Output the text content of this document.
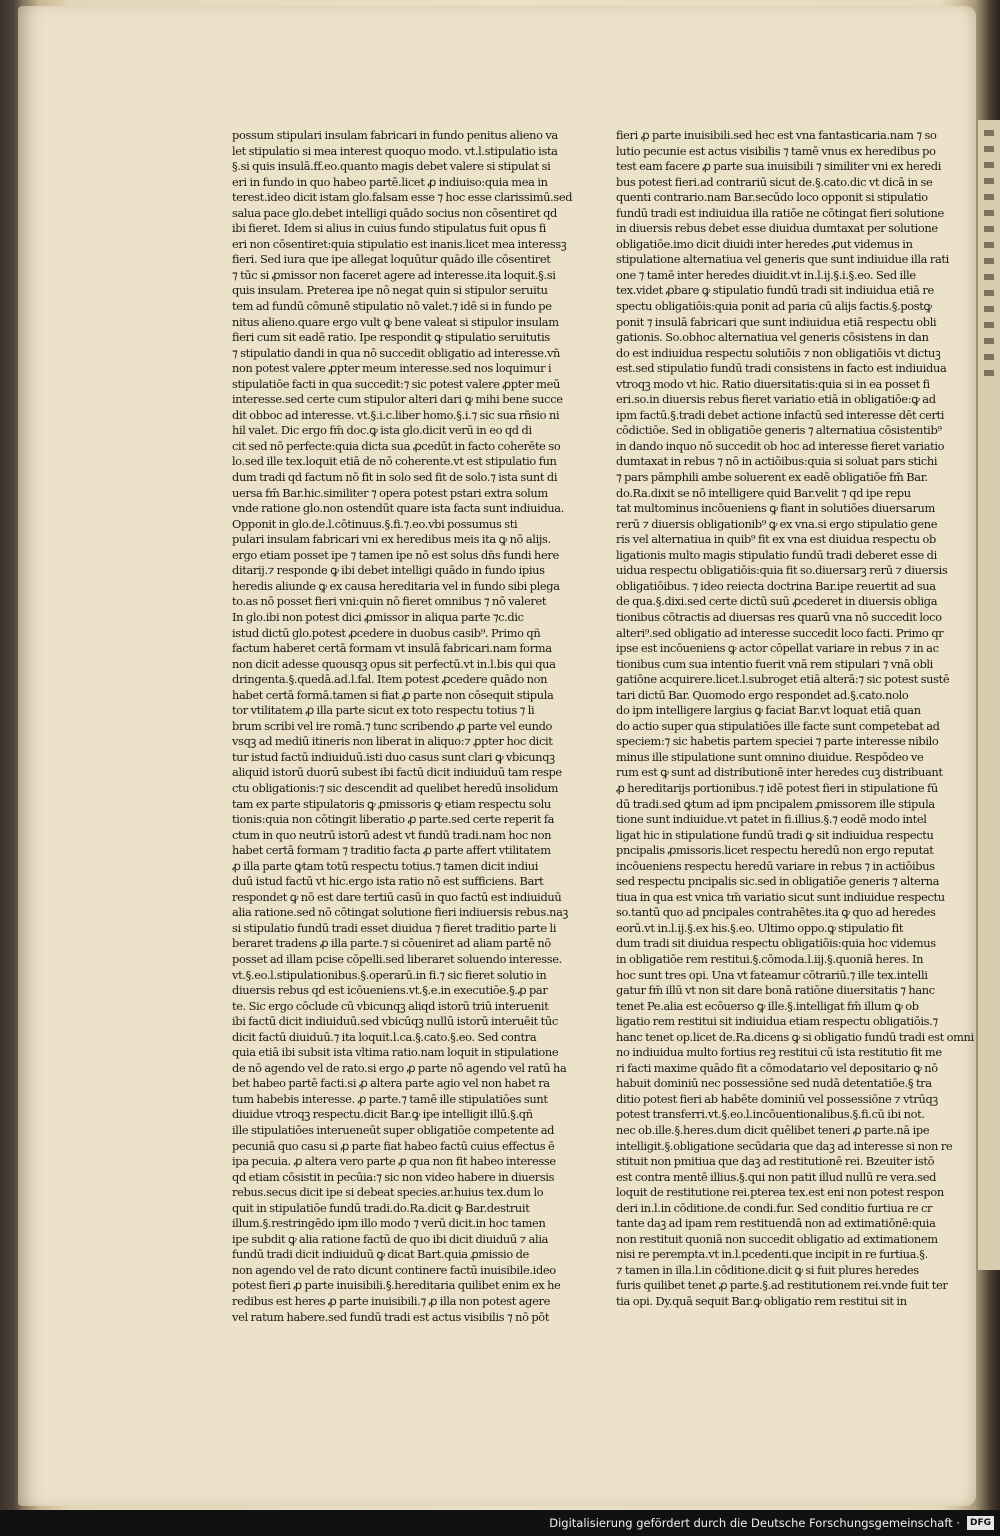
possum stipulari insulam fabricari in fundo penitus alieno va
let stipulatio si mea interest quoquo modo. vt.l.stipulatio ista
§.si quis insulā.ff.eo.quanto magis debet valere si stipulat si
eri in fundo in quo habeo partē.licet ꝓ indiuiso:quia mea in
terest.ideo dicit istam glo.falsam esse ⁊ hoc esse clarissimū.sed
salua pace glo.debet intelligi quādo socius non cōsentiret qd
ibi fieret. Idem si alius in cuius fundo stipulatus fuit opus fi
eri non cōsentiret:quia stipulatio est inanis.licet mea interessꝫ
fieri. Sed iura que ipe allegat loquūtur quādo ille cōsentiret
⁊ tūc si ꝓmissor non faceret agere ad interesse.ita loquit.§.si
quis insulam. Preterea ipe nō negat quin si stipulor seruitu
tem ad fundū cōmunē stipulatio nō valet.⁊ idē si in fundo pe
nitus alieno.quare ergo vult ꝙ bene valeat si stipulor insulam
fieri cum sit eadē ratio. Ipe respondit ꝙ stipulatio seruitutis
⁊ stipulatio dandi in qua nō succedit obligatio ad interesse.vn̄
non potest valere ꝓpter meum interesse.sed nos loquimur i
stipulatiōe facti in qua succedit:⁊ sic potest valere ꝓpter meū
interesse.sed certe cum stipulor alteri dari ꝙ mihi bene succe
dit obboc ad interesse. vt.§.i.c.liber homo.§.i.⁊ sic sua rn̄sio ni
hil valet. Dic ergo fm̄ doc.ꝙ ista glo.dicit verū in eo qd di
cit sed nō perfecte:quia dicta sua ꝓcedūt in facto coherēte so
lo.sed ille tex.loquit etiā de nō coherente.vt est stipulatio fun
dum tradi qd factum nō fit in solo sed fit de solo.⁊ ista sunt di
uersa fm̄ Bar.hic.similiter ⁊ opera potest pstari extra solum
vnde ratione glo.non ostendūt quare ista facta sunt indiuidua.
Opponit in glo.de.l.cōtinuus.§.fi.⁊.eo.vbi possumus sti
pulari insulam fabricari vni ex heredibus meis ita ꝙ nō alijs.
ergo etiam posset ipe ⁊ tamen ipe nō est solus dn̄s fundi here
ditarij.⁊ responde ꝙ ibi debet intelligi quādo in fundo ipius
heredis aliunde ꝙ ex causa hereditaria vel in fundo sibi plega
to.as nō posset fieri vni:quin nō fieret omnibus ⁊ nō valeret
In glo.ibi non potest dici ꝓmissor in aliqua parte ⁊c.dic
istud dictū glo.potest ꝓcedere in duobus casib⁹. Primo qñ
factum haberet certā formam vt insulā fabricari.nam forma
non dicit adesse quousqꝫ opus sit perfectū.vt in.l.bis qui qua
dringenta.§.quedā.ad.l.fal. Item potest ꝓcedere quādo non
habet certā formā.tamen si fiat ꝓ parte non cōsequit stipula
tor vtilitatem ꝓ illa parte sicut ex toto respectu totius ⁊ li
brum scribi vel ire romā.⁊ tunc scribendo ꝓ parte vel eundo
vsqꝫ ad mediū itineris non liberat in aliquo:⁊ ꝓpter hoc dicit
tur istud factū indiuiduū.isti duo casus sunt clari ꝙ vbicunqꝫ
aliquid istorū duorū subest ibi factū dicit indiuiduū tam respe
ctu obligationis:⁊ sic descendit ad quelibet heredū insolidum
tam ex parte stipulatoris ꝙ ꝓmissoris ꝙ etiam respectu solu
tionis:quia non cōtingit liberatio ꝓ parte.sed certe reperit fa
ctum in quo neutrū istorū adest vt fundū tradi.nam hoc non
habet certā formam ⁊ traditio facta ꝓ parte affert vtilitatem
ꝓ illa parte ꝙtam totū respectu totius.⁊ tamen dicit indiui
duū istud factū vt hic.ergo ista ratio nō est sufficiens. Bart
respondet ꝙ nō est dare tertiū casū in quo factū est indiuiduū
alia ratione.sed nō cōtingat solutione fieri indiuersis rebus.naꝫ
si stipulatio fundū tradi esset diuidua ⁊ fieret traditio parte li
beraret tradens ꝓ illa parte.⁊ si cōueniret ad aliam partē nō
posset ad illam pcise cōpelli.sed liberaret soluendo interesse.
vt.§.eo.l.stipulationibus.§.operarū.in fi.⁊ sic fieret solutio in
diuersis rebus qd est icōueniens.vt.§.e.in executiōe.§.ꝓ par
te. Sic ergo cōclude cū vbicunqꝫ aliqd istorū triū interuenit
ibi factū dicit indiuiduū.sed vbicūqꝫ nullū istorū interuēit tūc
dicit factū diuiduū.⁊ ita loquit.l.ca.§.cato.§.eo. Sed contra
quia etiā ibi subsit ista vltima ratio.nam loquit in stipulatione
de nō agendo vel de rato.si ergo ꝓ parte nō agendo vel ratū ha
bet habeo partē facti.si ꝓ altera parte agio vel non habet ra
tum habebis interesse. ꝓ parte.⁊ tamē ille stipulatiōes sunt
diuidue vtroqꝫ respectu.dicit Bar.ꝙ ipe intelligit illū.§.qñ
ille stipulatiōes interueneūt super obligatiōe competente ad
pecuniā quo casu si ꝓ parte fiat habeo factū cuius effectus ē
ipa pecuia. ꝓ altera vero parte ꝓ qua non fit habeo interesse
qd etiam cōsistit in pecūia:⁊ sic non video habere in diuersis
rebus.secus dicit ipe si debeat species.ar.huius tex.dum lo
quit in stipulatiōe fundū tradi.do.Ra.dicit ꝙ Bar.destruit
illum.§.restringēdo ipm illo modo ⁊ verū dicit.in hoc tamen
ipe subdit ꝙ alia ratione factū de quo ibi dicit diuiduū ⁊ alia
fundū tradi dicit indiuiduū ꝙ dicat Bart.quia ꝓmissio de
non agendo vel de rato dicunt continere factū inuisibile.ideo
potest fieri ꝓ parte inuisibili.§.hereditaria quilibet enim ex he
redibus est heres ꝓ parte inuisibili.⁊ ꝓ illa non potest agere
vel ratum habere.sed fundū tradi est actus visibilis ⁊ nō pōt
fieri ꝓ parte inuisibili.sed hec est vna fantasticaria.nam ⁊ so
lutio pecunie est actus visibilis ⁊ tamē vnus ex heredibus po
test eam facere ꝓ parte sua inuisibili ⁊ similiter vni ex heredi
bus potest fieri.ad contrariū sicut de.§.cato.dic vt dicā in se
quenti contrario.nam Bar.secūdo loco opponit si stipulatio
fundū tradi est indiuidua illa ratiōe ne cōtingat fieri solutione
in diuersis rebus debet esse diuidua dumtaxat per solutione
obligatiōe.imo dicit diuidi inter heredes ꝓut videmus in
stipulatione alternatiua vel generis que sunt indiuidue illa rati
one ⁊ tamē inter heredes diuidit.vt in.l.ij.§.i.§.eo. Sed ille
tex.videt ꝓbare ꝙ stipulatio fundū tradi sit indiuidua etiā re
spectu obligatiōis:quia ponit ad paria cū alijs factis.§.postꝙ
ponit ⁊ insulā fabricari que sunt indiuidua etiā respectu obli
gationis. So.obhoc alternatiua vel generis cōsistens in dan
do est indiuidua respectu solutiōis ⁊ non obligatiōis vt dictuꝫ
est.sed stipulatio fundū tradi consistens in facto est indiuidua
vtroqꝫ modo vt hic. Ratio diuersitatis:quia si in ea posset fi
eri.so.in diuersis rebus fieret variatio etiā in obligatiōe:ꝙ ad
ipm factū.§.tradi debet actione infactū sed interesse dēt certi
cōdictiōe. Sed in obligatiōe generis ⁊ alternatiua cōsistentib⁹
in dando inquo nō succedit ob hoc ad interesse fieret variatio
dumtaxat in rebus ⁊ nō in actiōibus:quia si soluat pars stichi
⁊ pars pāmphili ambe soluerent ex eadē obligatiōe fm̄ Bar.
do.Ra.dixit se nō intelligere quid Bar.velit ⁊ qd ipe repu
tat multominus incōueniens ꝙ fiant in solutiōes diuersarum
rerū ⁊ diuersis obligationib⁹ ꝙ ex vna.si ergo stipulatio gene
ris vel alternatiua in quib⁹ fit ex vna est diuidua respectu ob
ligationis multo magis stipulatio fundū tradi deberet esse di
uidua respectu obligatiōis:quia fit so.diuersarꝫ rerū ⁊ diuersis
obligatiōibus. ⁊ ideo reiecta doctrina Bar.ipe reuertit ad sua
de qua.§.dixi.sed certe dictū suū ꝓcederet in diuersis obliga
tionibus cōtractis ad diuersas res quarū vna nō succedit loco
alteri⁹.sed obligatio ad interesse succedit loco facti. Primo qr
ipse est incōueniens ꝙ actor cōpellat variare in rebus ⁊ in ac
tionibus cum sua intentio fuerit vnā rem stipulari ⁊ vnā obli
gatiōne acquirere.licet.l.subroget etiā alterā:⁊ sic potest sustē
tari dictū Bar. Quomodo ergo respondet ad.§.cato.nolo
do ipm intelligere largius ꝙ faciat Bar.vt loquat etiā quan
do actio super qua stipulatiōes ille facte sunt competebat ad
speciem:⁊ sic habetis partem speciei ⁊ parte interesse nibilo
minus ille stipulatione sunt omnino diuidue. Respōdeo ve
rum est ꝙ sunt ad distributionē inter heredes cuꝫ distribuant
ꝓ hereditarijs portionibus.⁊ idē potest fieri in stipulatione fū
dū tradi.sed ꝙtum ad ipm pncipalem ꝓmissorem ille stipula
tione sunt indiuidue.vt patet in fi.illius.§.⁊ eodē modo intel
ligat hic in stipulatione fundū tradi ꝙ sit indiuidua respectu
pncipalis ꝓmissoris.licet respectu heredū non ergo reputat
incōueniens respectu heredū variare in rebus ⁊ in actiōibus
sed respectu pncipalis sic.sed in obligatiōe generis ⁊ alterna
tiua in qua est vnica tm̄ variatio sicut sunt indiuidue respectu
so.tantū quo ad pncipales contrahētes.ita ꝙ quo ad heredes
eorū.vt in.l.ij.§.ex his.§.eo. Ultimo oppo.ꝙ stipulatio fit
dum tradi sit diuidua respectu obligatiōis:quia hoc videmus
in obligatiōe rem restitui.§.cōmoda.l.iij.§.quoniā heres. In
hoc sunt tres opi. Una vt fateamur cōtrariū.⁊ ille tex.intelli
gatur fm̄ illū vt non sit dare bonā ratiōne diuersitatis ⁊ hanc
tenet Pe.alia est ecōuerso ꝙ ille.§.intelligat fm̄ illum ꝙ ob
ligatio rem restitui sit indiuidua etiam respectu obligatiōis.⁊
hanc tenet op.licet de.Ra.dicens ꝙ si obligatio fundū tradi est omni
no indiuidua multo fortius reꝫ restitui cū ista restitutio fit me
ri facti maxime quādo fit a cōmodatario vel depositario ꝙ nō
habuit dominiū nec possessiōne sed nudā detentatiōe.§ tra
ditio potest fieri ab habēte dominiū vel possessiōne ⁊ vtrūqꝫ
potest transferri.vt.§.eo.l.incōuentionalibus.§.fi.cū ibi not.
nec ob.ille.§.heres.dum dicit quēlibet teneri ꝓ parte.nā ipe
intelligit.§.obligatione secūdaria que daꝫ ad interesse si non re
stituit non pmitiua que daꝫ ad restitutionē rei. Bzeuiter istō
est contra mentē illius.§.qui non patit illud nullū re vera.sed
loquit de restitutione rei.pterea tex.est eni non potest respon
deri in.l.in cōditione.de condi.fur. Sed conditio furtiua re cr
tante daꝫ ad ipam rem restituendā non ad extimatiōnē:quia
non restituit quoniā non succedit obligatio ad extimationem
nisi re perempta.vt in.l.pcedenti.que incipit in re furtiua.§.
⁊ tamen in illa.l.in cōditione.dicit ꝙ si fuit plures heredes
furis quilibet tenet ꝓ parte.§.ad restitutionem rei.vnde fuit ter
tia opi. Dy.quā sequit Bar.ꝙ obligatio rem restitui sit in
Digitalisierung gefördert durch die Deutsche Forschungsgemeinschaft ·	DFG
